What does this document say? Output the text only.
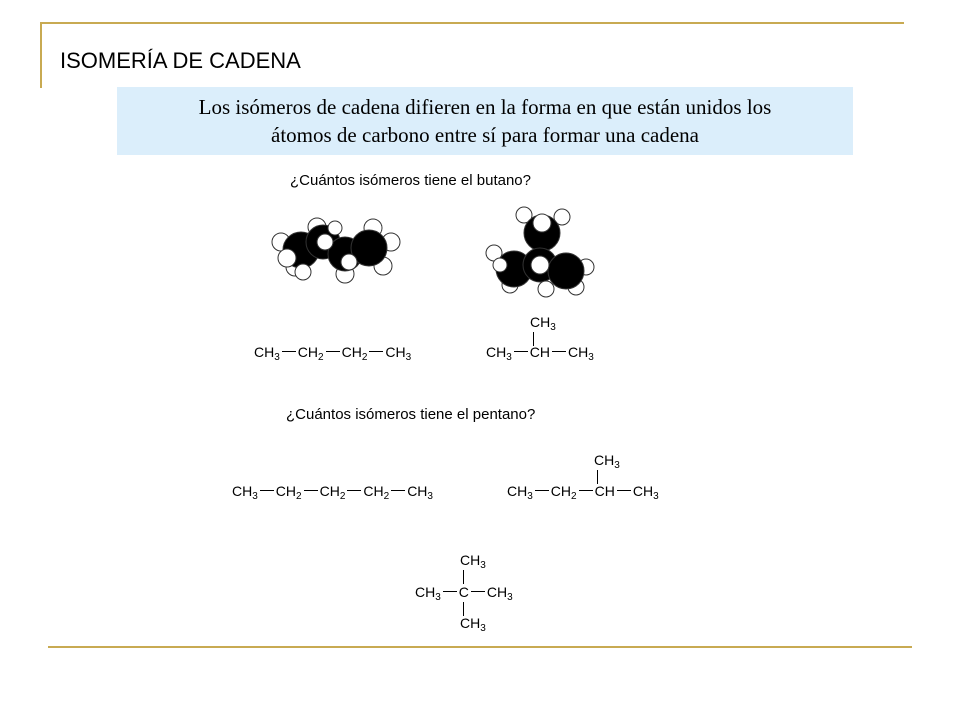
ISOMERÍA DE CADENA
Los isómeros de cadena difieren en la forma en que están unidos los
átomos de carbono entre sí para formar una cadena
¿Cuántos isómeros tiene el butano?
$CH_3$ $CH_2$ $CH_2$ $CH_3$
$CH_3$
$CH_3$ CH $CH_3$
¿Cuántos isómeros tiene el pentano?
$CH_3$ $CH_2$ $CH_2$ $CH_2$ $CH_3$
$CH_3$
$CH_3$ $CH_2$ CH $CH_3$
$CH_3$
$CH_3$ C $CH_3$
$CH_3$
